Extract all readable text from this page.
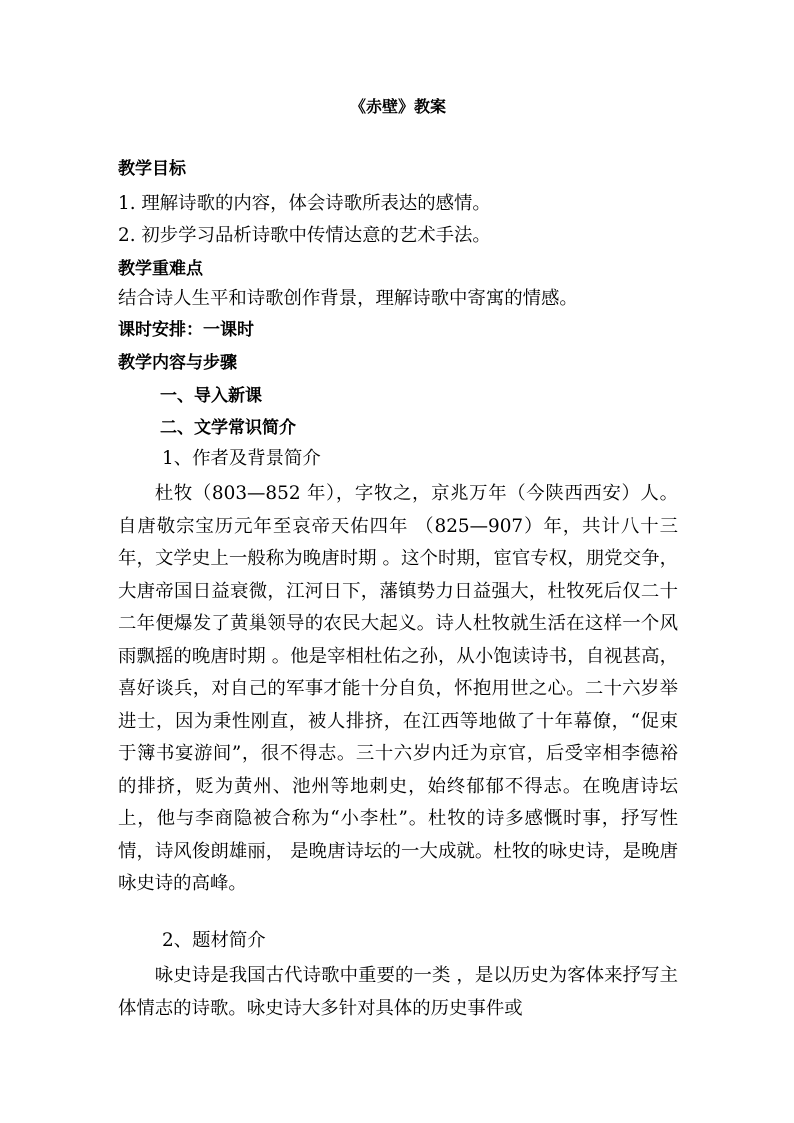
《赤壁》教案
教学目标
1. 理解诗歌的内容，体会诗歌所表达的感情。
2. 初步学习品析诗歌中传情达意的艺术手法。
教学重难点
结合诗人生平和诗歌创作背景，理解诗歌中寄寓的情感。
课时安排：一课时
教学内容与步骤
一、导入新课
二、文学常识简介
1、作者及背景简介

杜牧（803—852 年），字牧之，京兆万年（今陕西西安）人。自唐敬宗宝历元年至哀帝天佑四年 （825—907）年，共计八十三年，文学史上一般称为晚唐时期 。这个时期，宦官专权，朋党交争，大唐帝国日益衰微，江河日下，藩镇势力日益强大，杜牧死后仅二十二年便爆发了黄巢领导的农民大起义。诗人杜牧就生活在这样一个风雨飘摇的晚唐时期 。他是宰相杜佑之孙，从小饱读诗书，自视甚高，喜好谈兵，对自己的军事才能十分自负，怀抱用世之心。二十六岁举进士，因为秉性刚直，被人排挤，在江西等地做了十年幕僚，“促束于簿书宴游间”，很不得志。三十六岁内迁为京官，后受宰相李德裕的排挤，贬为黄州、池州等地刺史，始终郁郁不得志。在晚唐诗坛上，他与李商隐被合称为“小李杜”。杜牧的诗多感慨时事，抒写性情，诗风俊朗雄丽， 是晚唐诗坛的一大成就。杜牧的咏史诗，是晚唐咏史诗的高峰。

2、题材简介

咏史诗是我国古代诗歌中重要的一类 ，是以历史为客体来抒写主体情志的诗歌。咏史诗大多针对具体的历史事件或
